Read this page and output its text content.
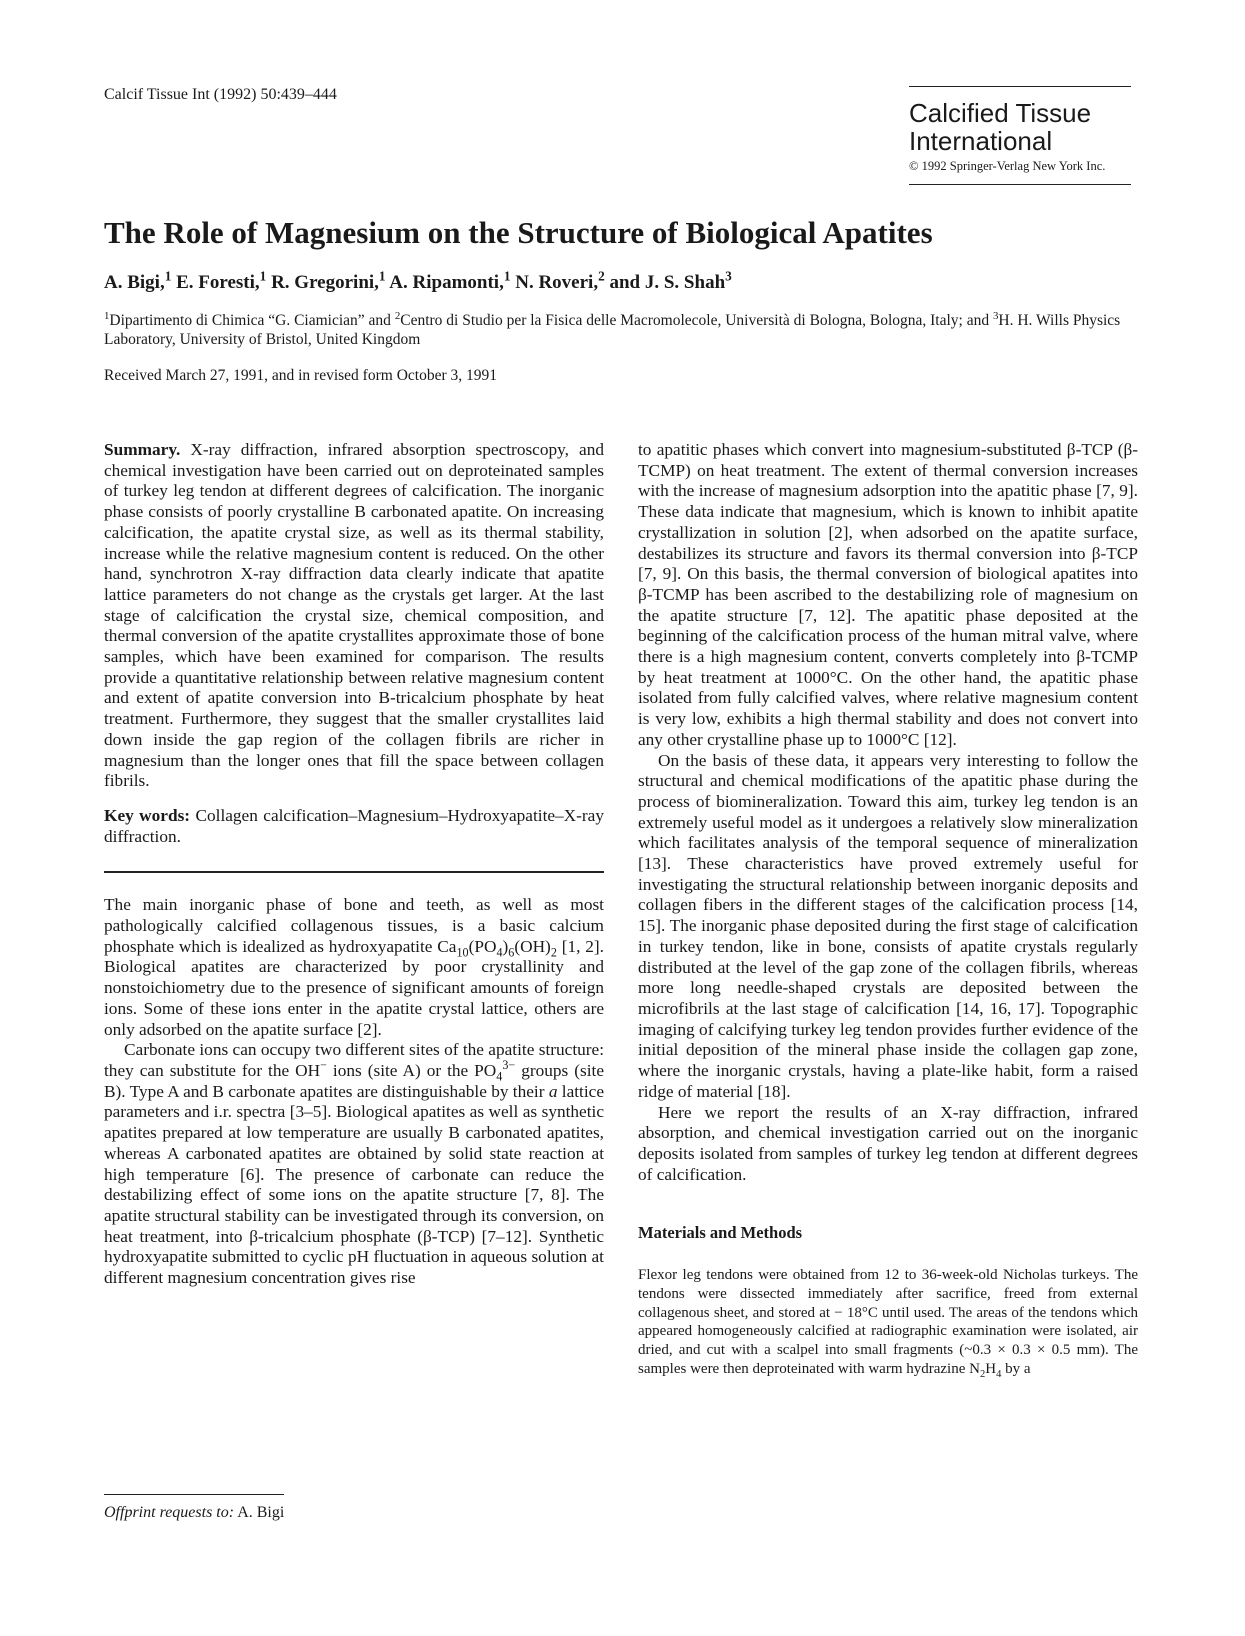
Calcif Tissue Int (1992) 50:439–444
Calcified Tissue International
© 1992 Springer-Verlag New York Inc.
The Role of Magnesium on the Structure of Biological Apatites
A. Bigi,$^1$ E. Foresti,$^1$ R. Gregorini,$^1$ A. Ripamonti,$^1$ N. Roveri,$^2$ and J. S. Shah$^3$
$^1$Dipartimento di Chimica “G. Ciamician” and $^2$Centro di Studio per la Fisica delle Macromolecole, Università di Bologna, Bologna, Italy; and $^3$H. H. Wills Physics Laboratory, University of Bristol, United Kingdom
Received March 27, 1991, and in revised form October 3, 1991

Summary. X-ray diffraction, infrared absorption spectroscopy, and chemical investigation have been carried out on deproteinated samples of turkey leg tendon at different degrees of calcification. The inorganic phase consists of poorly crystalline B carbonated apatite. On increasing calcification, the apatite crystal size, as well as its thermal stability, increase while the relative magnesium content is reduced. On the other hand, synchrotron X-ray diffraction data clearly indicate that apatite lattice parameters do not change as the crystals get larger. At the last stage of calcification the crystal size, chemical composition, and thermal conversion of the apatite crystallites approximate those of bone samples, which have been examined for comparison. The results provide a quantitative relationship between relative magnesium content and extent of apatite conversion into B-tricalcium phosphate by heat treatment. Furthermore, they suggest that the smaller crystallites laid down inside the gap region of the collagen fibrils are richer in magnesium than the longer ones that fill the space between collagen fibrils.

Key words: Collagen calcification–Magnesium–Hydroxyapatite–X-ray diffraction.

The main inorganic phase of bone and teeth, as well as most pathologically calcified collagenous tissues, is a basic calcium phosphate which is idealized as hydroxyapatite $Ca_{10}(PO_4)_6(OH)_2$ [1, 2]. Biological apatites are characterized by poor crystallinity and nonstoichiometry due to the presence of significant amounts of foreign ions. Some of these ions enter in the apatite crystal lattice, others are only adsorbed on the apatite surface [2].

Carbonate ions can occupy two different sites of the apatite structure: they can substitute for the OH− ions (site A) or the $PO_4^{3-}$ groups (site B). Type A and B carbonate apatites are distinguishable by their a lattice parameters and i.r. spectra [3–5]. Biological apatites as well as synthetic apatites prepared at low temperature are usually B carbonated apatites, whereas A carbonated apatites are obtained by solid state reaction at high temperature [6]. The presence of carbonate can reduce the destabilizing effect of some ions on the apatite structure [7, 8]. The apatite structural stability can be investigated through its conversion, on heat treatment, into β-tricalcium phosphate (β-TCP) [7–12]. Synthetic hydroxyapatite submitted to cyclic pH fluctuation in aqueous solution at different magnesium concentration gives rise

to apatitic phases which convert into magnesium-substituted β-TCP (β-TCMP) on heat treatment. The extent of thermal conversion increases with the increase of magnesium adsorption into the apatitic phase [7, 9]. These data indicate that magnesium, which is known to inhibit apatite crystallization in solution [2], when adsorbed on the apatite surface, destabilizes its structure and favors its thermal conversion into β-TCP [7, 9]. On this basis, the thermal conversion of biological apatites into β-TCMP has been ascribed to the destabilizing role of magnesium on the apatite structure [7, 12]. The apatitic phase deposited at the beginning of the calcification process of the human mitral valve, where there is a high magnesium content, converts completely into β-TCMP by heat treatment at 1000°C. On the other hand, the apatitic phase isolated from fully calcified valves, where relative magnesium content is very low, exhibits a high thermal stability and does not convert into any other crystalline phase up to 1000°C [12].

On the basis of these data, it appears very interesting to follow the structural and chemical modifications of the apatitic phase during the process of biomineralization. Toward this aim, turkey leg tendon is an extremely useful model as it undergoes a relatively slow mineralization which facilitates analysis of the temporal sequence of mineralization [13]. These characteristics have proved extremely useful for investigating the structural relationship between inorganic deposits and collagen fibers in the different stages of the calcification process [14, 15]. The inorganic phase deposited during the first stage of calcification in turkey tendon, like in bone, consists of apatite crystals regularly distributed at the level of the gap zone of the collagen fibrils, whereas more long needle-shaped crystals are deposited between the microfibrils at the last stage of calcification [14, 16, 17]. Topographic imaging of calcifying turkey leg tendon provides further evidence of the initial deposition of the mineral phase inside the collagen gap zone, where the inorganic crystals, having a plate-like habit, form a raised ridge of material [18].

Here we report the results of an X-ray diffraction, infrared absorption, and chemical investigation carried out on the inorganic deposits isolated from samples of turkey leg tendon at different degrees of calcification.

Materials and Methods

Flexor leg tendons were obtained from 12 to 36-week-old Nicholas turkeys. The tendons were dissected immediately after sacrifice, freed from external collagenous sheet, and stored at − 18°C until used. The areas of the tendons which appeared homogeneously calcified at radiographic examination were isolated, air dried, and cut with a scalpel into small fragments (~0.3 × 0.3 × 0.5 mm). The samples were then deproteinated with warm hydrazine $N_2H_4$ by a

Offprint requests to: A. Bigi
